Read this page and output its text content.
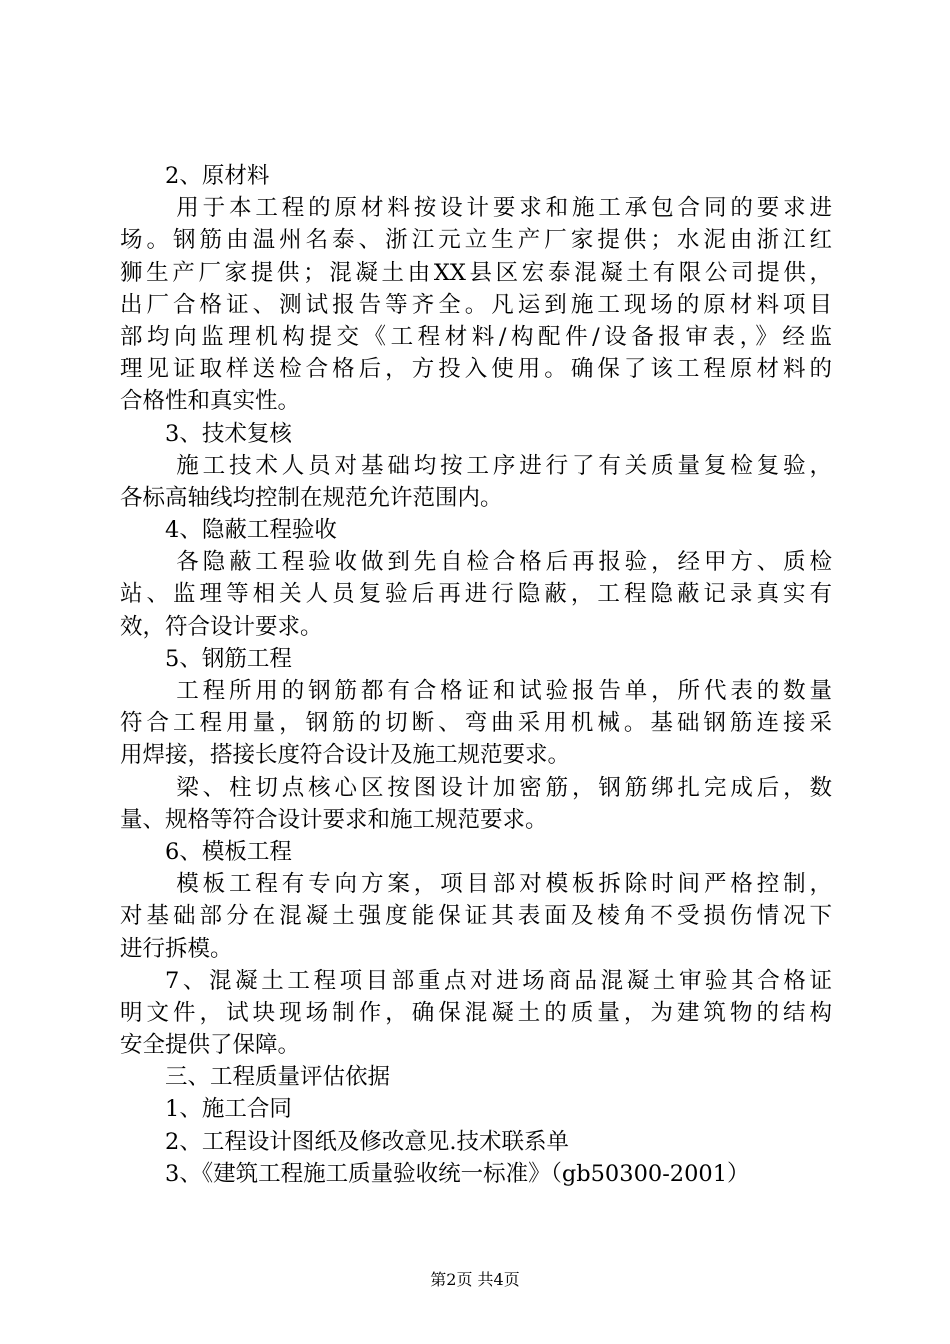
2、原材料
用于本工程的原材料按设计要求和施工承包合同的要求进
场。钢筋由温州名泰、浙江元立生产厂家提供；水泥由浙江红
狮生产厂家提供；混凝土由XX县区宏泰混凝土有限公司提供，
出厂合格证、测试报告等齐全。凡运到施工现场的原材料项目
部均向监理机构提交《工程材料/构配件/设备报审表，》经监
理见证取样送检合格后，方投入使用。确保了该工程原材料的
合格性和真实性。
3、技术复核
施工技术人员对基础均按工序进行了有关质量复检复验，
各标高轴线均控制在规范允许范围内。
4、隐蔽工程验收
各隐蔽工程验收做到先自检合格后再报验，经甲方、质检
站、监理等相关人员复验后再进行隐蔽，工程隐蔽记录真实有
效，符合设计要求。
5、钢筋工程
工程所用的钢筋都有合格证和试验报告单，所代表的数量
符合工程用量，钢筋的切断、弯曲采用机械。基础钢筋连接采
用焊接，搭接长度符合设计及施工规范要求。
梁、柱切点核心区按图设计加密筋，钢筋绑扎完成后，数
量、规格等符合设计要求和施工规范要求。
6、模板工程
模板工程有专向方案，项目部对模板拆除时间严格控制，
对基础部分在混凝土强度能保证其表面及棱角不受损伤情况下
进行拆模。
7、混凝土工程项目部重点对进场商品混凝土审验其合格证
明文件，试块现场制作，确保混凝土的质量，为建筑物的结构
安全提供了保障。
三、工程质量评估依据
1、施工合同
2、工程设计图纸及修改意见.技术联系单
3、《建筑工程施工质量验收统一标准》（gb50300-2001）
第2页 共4页
